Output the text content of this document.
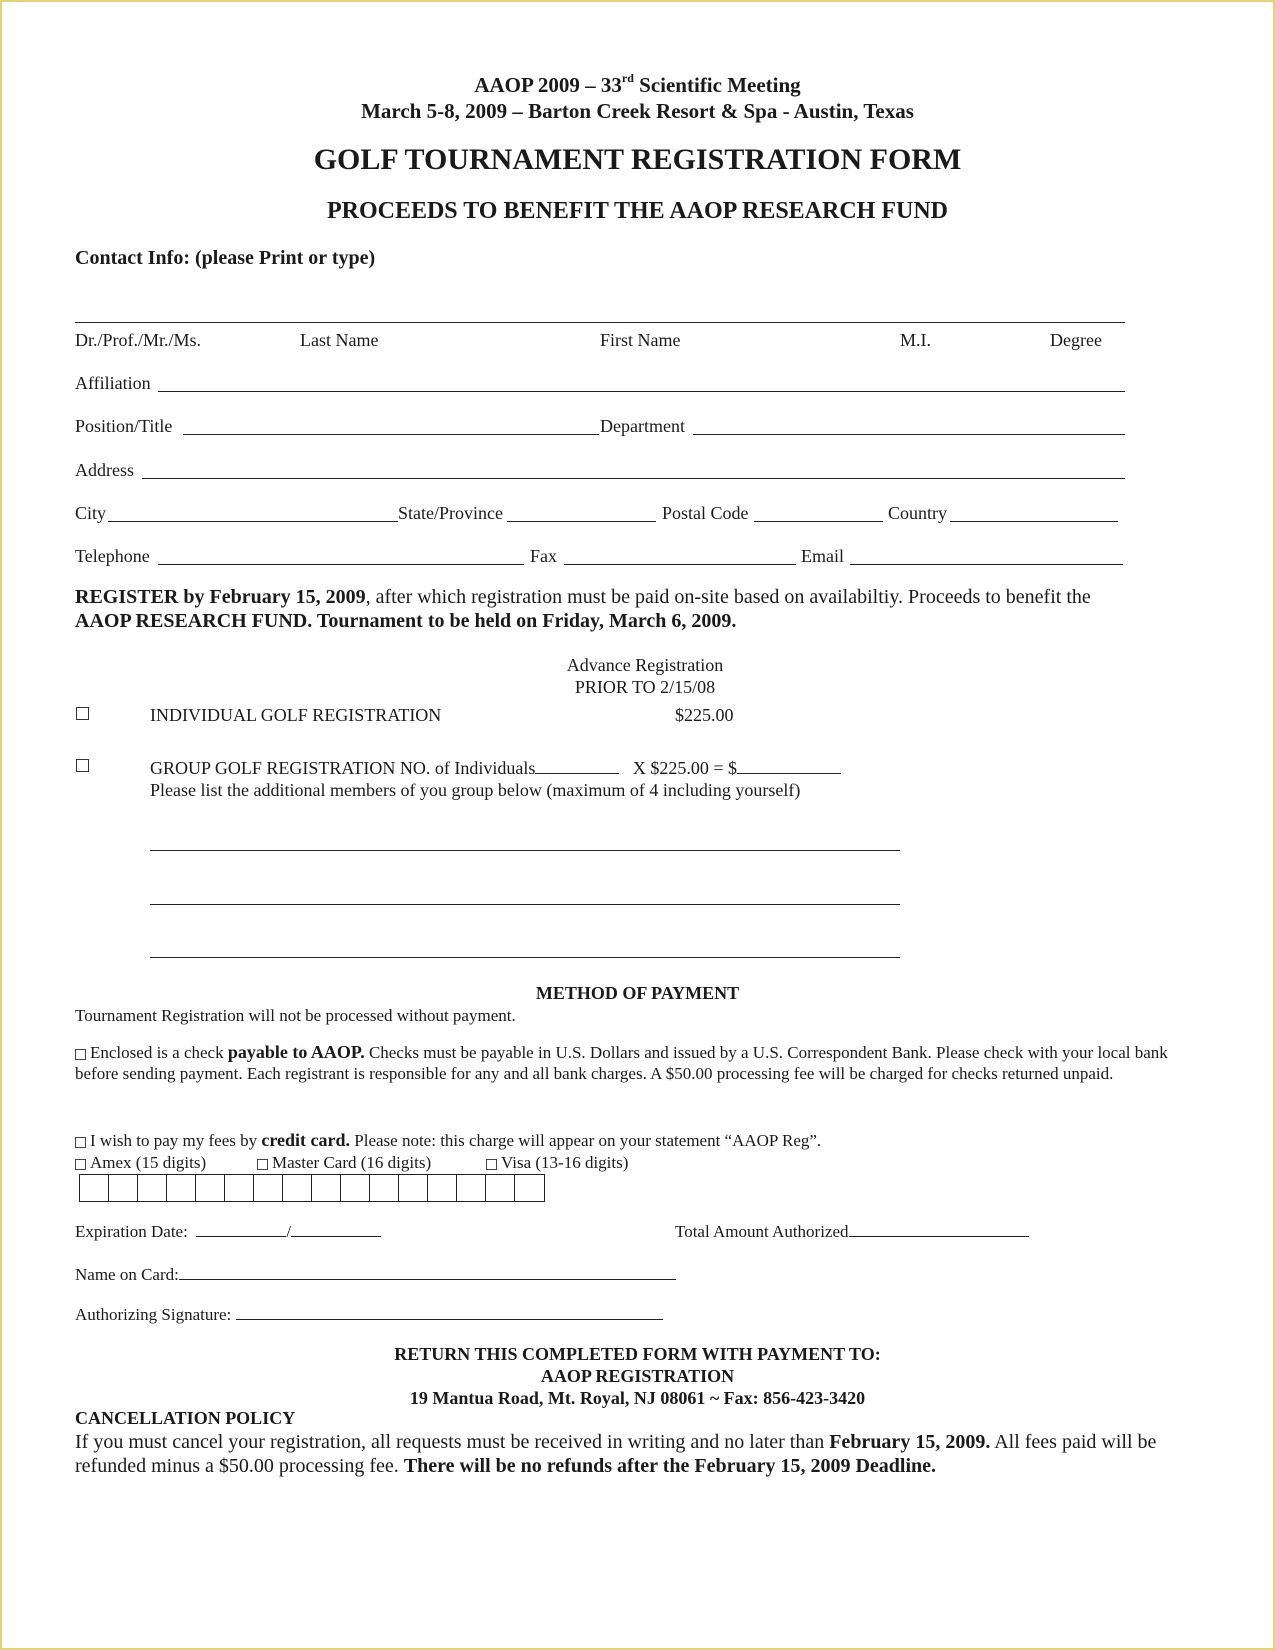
AAOP 2009 – 33rd Scientific Meeting
March 5-8, 2009 – Barton Creek Resort & Spa - Austin, Texas
GOLF TOURNAMENT REGISTRATION FORM
PROCEEDS TO BENEFIT THE AAOP RESEARCH FUND
Contact Info: (please Print or type)
Dr./Prof./Mr./Ms.	Last Name	First Name	M.I.	Degree
Affiliation
Position/Title	Department
Address
City	State/Province	Postal Code	Country
Telephone	Fax	Email
REGISTER by February 15, 2009, after which registration must be paid on-site based on availabiltiy. Proceeds to benefit the
AAOP RESEARCH FUND. Tournament to be held on Friday, March 6, 2009.
Advance Registration
PRIOR TO 2/15/08
INDIVIDUAL GOLF REGISTRATION	$225.00
GROUP GOLF REGISTRATION NO. of Individuals	X $225.00 = $
Please list the additional members of you group below (maximum of 4 including yourself)
METHOD OF PAYMENT
Tournament Registration will not be processed without payment.
Enclosed is a check payable to AAOP. Checks must be payable in U.S. Dollars and issued by a U.S. Correspondent Bank. Please check with your local bank before sending payment. Each registrant is responsible for any and all bank charges. A $50.00 processing fee will be charged for checks returned unpaid.
I wish to pay my fees by credit card. Please note: this charge will appear on your statement “AAOP Reg”.
Amex (15 digits)	Master Card (16 digits)	Visa (13-16 digits)
Expiration Date:	/	Total Amount Authorized
Name on Card:
Authorizing Signature:
RETURN THIS COMPLETED FORM WITH PAYMENT TO:
AAOP REGISTRATION
19 Mantua Road, Mt. Royal, NJ 08061 ~ Fax: 856-423-3420
CANCELLATION POLICY
If you must cancel your registration, all requests must be received in writing and no later than February 15, 2009. All fees paid will be refunded minus a $50.00 processing fee. There will be no refunds after the February 15, 2009 Deadline.
